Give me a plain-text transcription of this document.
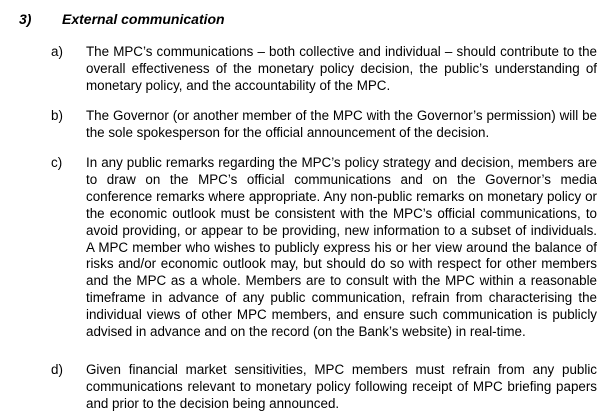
3) External communication
a) The MPC’s communications – both collective and individual – should contribute to the overall effectiveness of the monetary policy decision, the public’s understanding of monetary policy, and the accountability of the MPC.
b) The Governor (or another member of the MPC with the Governor’s permission) will be the sole spokesperson for the official announcement of the decision.
c) In any public remarks regarding the MPC’s policy strategy and decision, members are to draw on the MPC’s official communications and on the Governor’s media conference remarks where appropriate. Any non-public remarks on monetary policy or the economic outlook must be consistent with the MPC’s official communications, to avoid providing, or appear to be providing, new information to a subset of individuals. A MPC member who wishes to publicly express his or her view around the balance of risks and/or economic outlook may, but should do so with respect for other members and the MPC as a whole. Members are to consult with the MPC within a reasonable timeframe in advance of any public communication, refrain from characterising the individual views of other MPC members, and ensure such communication is publicly advised in advance and on the record (on the Bank’s website) in real-time.
d) Given financial market sensitivities, MPC members must refrain from any public communications relevant to monetary policy following receipt of MPC briefing papers and prior to the decision being announced.
